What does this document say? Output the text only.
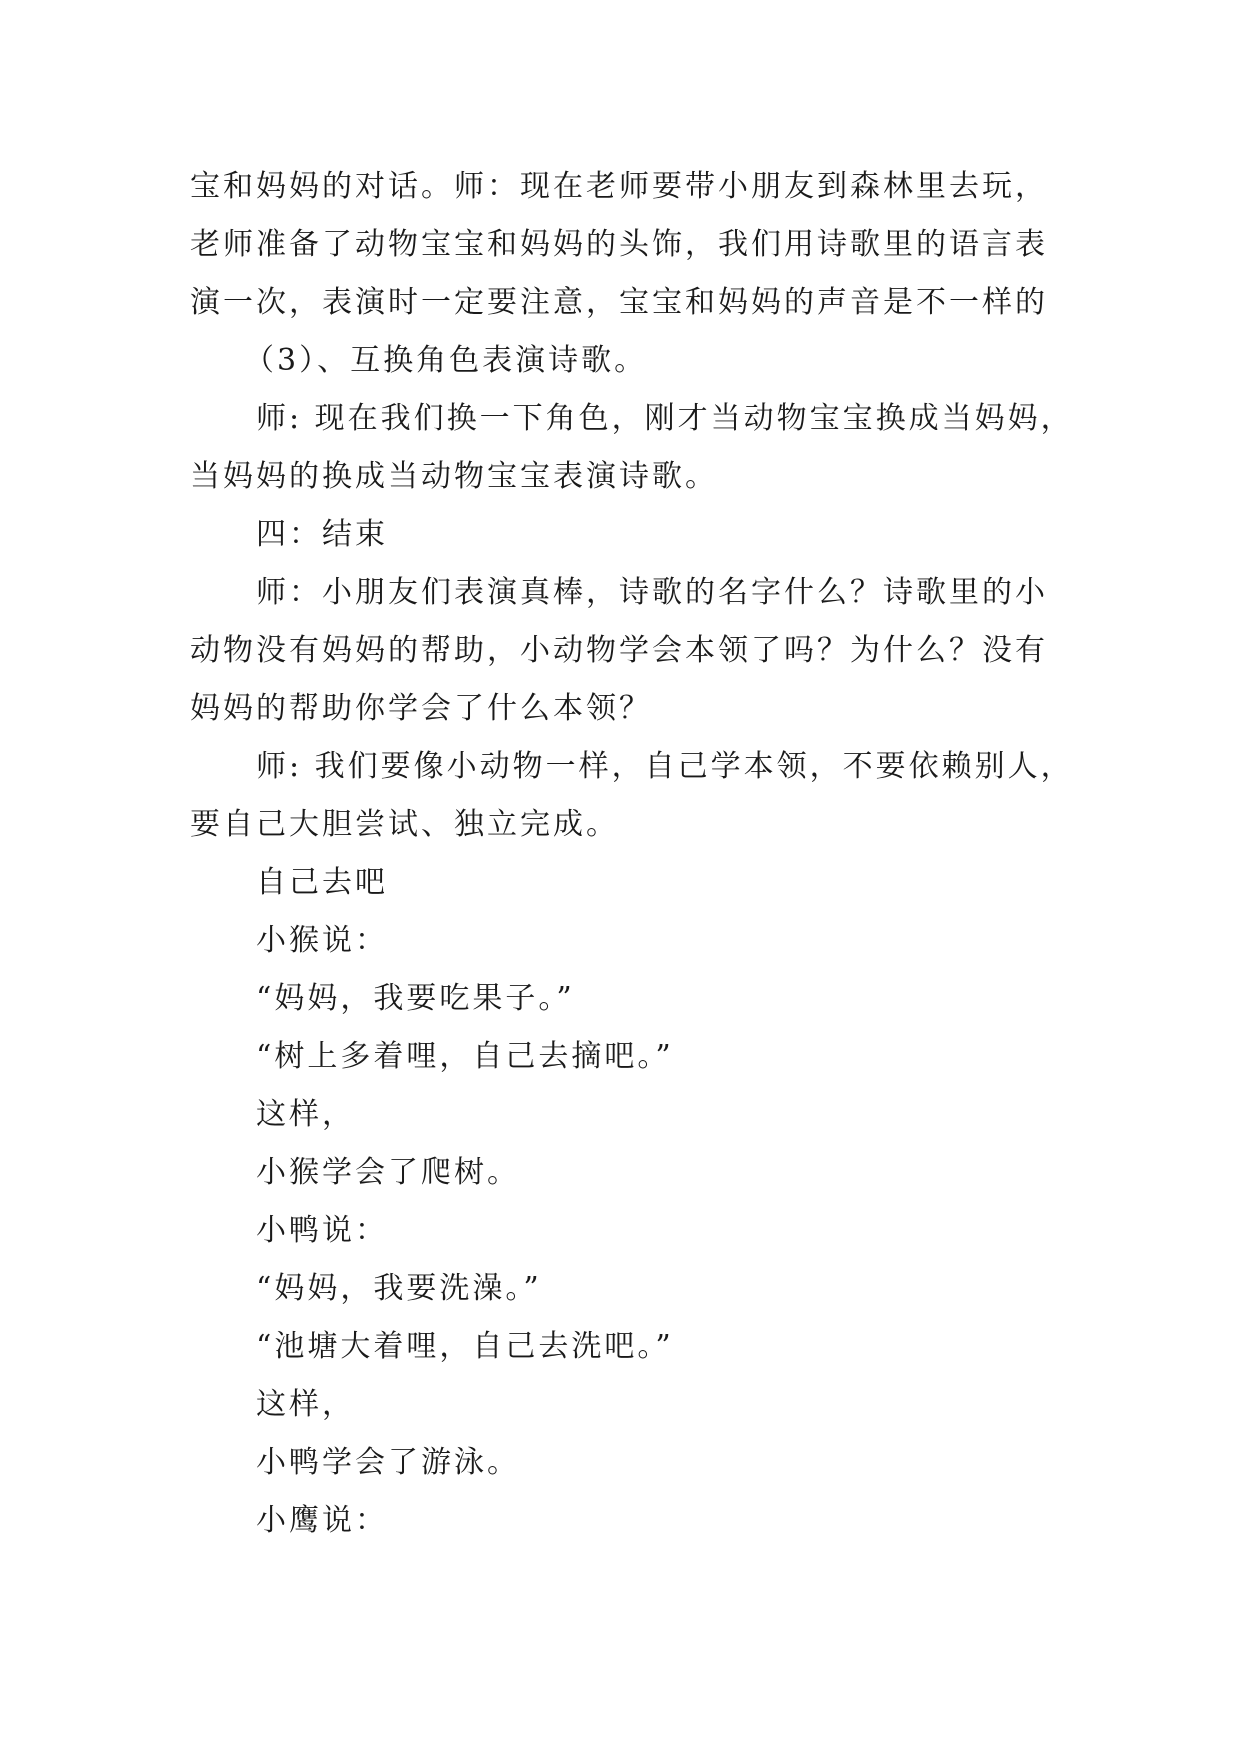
宝和妈妈的对话。师：现在老师要带小朋友到森林里去玩，

老师准备了动物宝宝和妈妈的头饰，我们用诗歌里的语言表

演一次，表演时一定要注意，宝宝和妈妈的声音是不一样的

（3）、互换角色表演诗歌。

师: 现在我们换一下角色，刚才当动物宝宝换成当妈妈，

当妈妈的换成当动物宝宝表演诗歌。

四：结束

师：小朋友们表演真棒，诗歌的名字什么？诗歌里的小

动物没有妈妈的帮助，小动物学会本领了吗？为什么？没有

妈妈的帮助你学会了什么本领？

师: 我们要像小动物一样，自己学本领，不要依赖别人，

要自己大胆尝试、独立完成。

自己去吧

小猴说：

“妈妈，我要吃果子。”

“树上多着哩，自己去摘吧。”

这样，

小猴学会了爬树。

小鸭说：

“妈妈，我要洗澡。”

“池塘大着哩，自己去洗吧。”

这样，

小鸭学会了游泳。

小鹰说：
